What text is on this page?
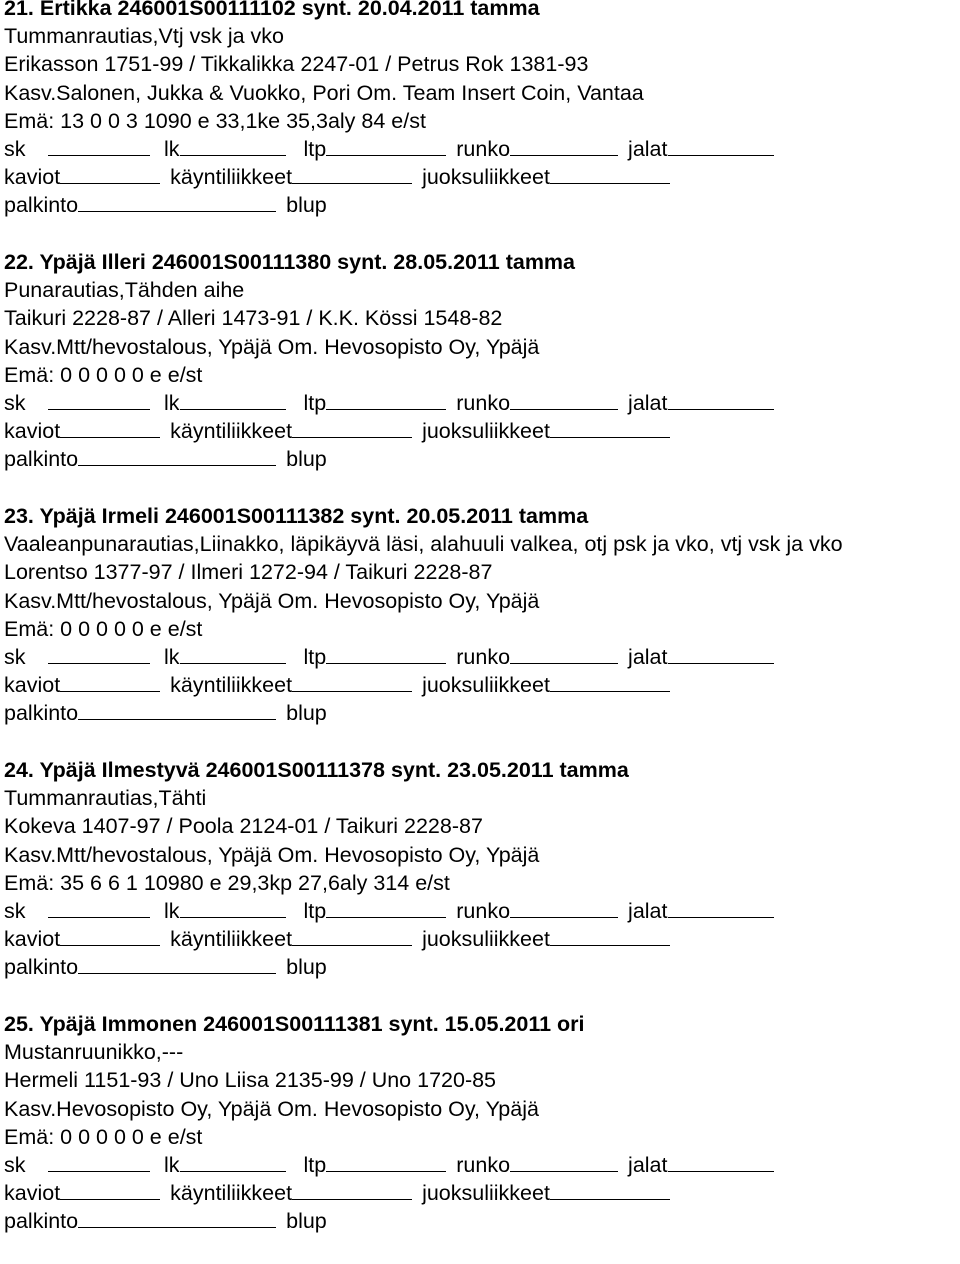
21. Ertikka 246001S00111102 synt. 20.04.2011 tamma
Tummanrautias,Vtj vsk ja vko
Erikasson 1751-99 / Tikkalikka 2247-01 / Petrus Rok 1381-93
Kasv.Salonen, Jukka & Vuokko, Pori Om. Team Insert Coin, Vantaa
Emä: 13 0 0 3 1090 e 33,1ke 35,3aly 84 e/st
sk	lk	ltp	runko	jalat
kaviot	käyntiliikkeet	juoksuliikkeet
palkinto	blup
22. Ypäjä Illeri 246001S00111380 synt. 28.05.2011 tamma
Punarautias,Tähden aihe
Taikuri 2228-87 / Alleri 1473-91 / K.K. Kössi 1548-82
Kasv.Mtt/hevostalous, Ypäjä Om. Hevosopisto Oy, Ypäjä
Emä: 0 0 0 0 0 e e/st
sk	lk	ltp	runko	jalat
kaviot	käyntiliikkeet	juoksuliikkeet
palkinto	blup
23. Ypäjä Irmeli 246001S00111382 synt. 20.05.2011 tamma
Vaaleanpunarautias,Liinakko, läpikäyvä läsi, alahuuli valkea, otj psk ja vko, vtj vsk ja vko
Lorentso 1377-97 / Ilmeri 1272-94 / Taikuri 2228-87
Kasv.Mtt/hevostalous, Ypäjä Om. Hevosopisto Oy, Ypäjä
Emä: 0 0 0 0 0 e e/st
sk	lk	ltp	runko	jalat
kaviot	käyntiliikkeet	juoksuliikkeet
palkinto	blup
24. Ypäjä Ilmestyvä 246001S00111378 synt. 23.05.2011 tamma
Tummanrautias,Tähti
Kokeva 1407-97 / Poola 2124-01 / Taikuri 2228-87
Kasv.Mtt/hevostalous, Ypäjä Om. Hevosopisto Oy, Ypäjä
Emä: 35 6 6 1 10980 e 29,3kp 27,6aly 314 e/st
sk	lk	ltp	runko	jalat
kaviot	käyntiliikkeet	juoksuliikkeet
palkinto	blup
25. Ypäjä Immonen 246001S00111381 synt. 15.05.2011 ori
Mustanruunikko,---
Hermeli 1151-93 / Uno Liisa 2135-99 / Uno 1720-85
Kasv.Hevosopisto Oy, Ypäjä Om. Hevosopisto Oy, Ypäjä
Emä: 0 0 0 0 0 e e/st
sk	lk	ltp	runko	jalat
kaviot	käyntiliikkeet	juoksuliikkeet
palkinto	blup
